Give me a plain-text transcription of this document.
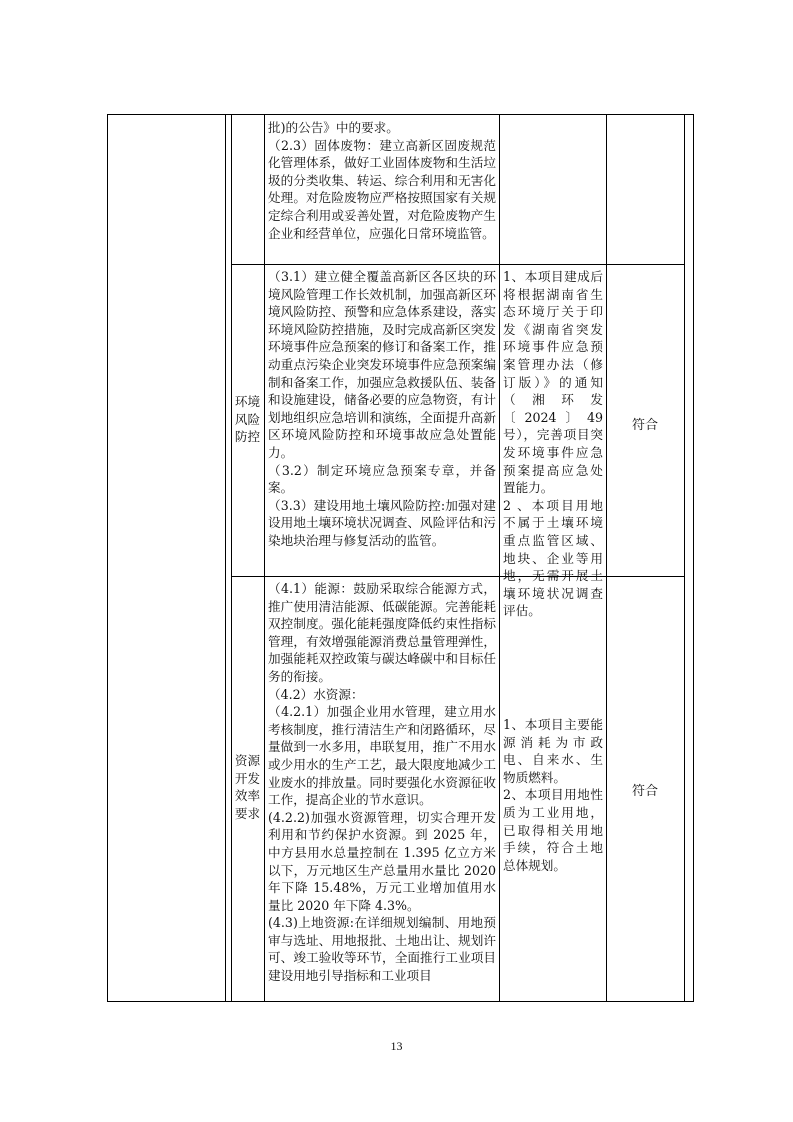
批)的公告》中的要求。

（2.3）固体废物：建立高新区固废规范化管理体系，做好工业固体废物和生活垃圾的分类收集、转运、综合利用和无害化处理。对危险废物应严格按照国家有关规定综合利用或妥善处置，对危险废物产生企业和经营单位，应强化日常环境监管。

环境风险防控

（3.1）建立健全覆盖高新区各区块的环境风险管理工作长效机制，加强高新区环境风险防控、预警和应急体系建设，落实环境风险防控措施，及时完成高新区突发环境事件应急预案的修订和备案工作，推动重点污染企业突发环境事件应急预案编制和备案工作，加强应急救援队伍、装备和设施建设，储备必要的应急物资，有计划地组织应急培训和演练，全面提升高新区环境风险防控和环境事故应急处置能力。

（3.2）制定环境应急预案专章，并备案。

（3.3）建设用地土壤风险防控:加强对建设用地土壤环境状况调查、风险评估和污染地块治理与修复活动的监管。

1、本项目建成后将根据湖南省生态环境厅关于印发《湖南省突发环境事件应急预案管理办法（修订版）》的通知（湘环发〔2024〕49号），完善项目突发环境事件应急预案提高应急处置能力。

2 、本项目用地不属于土壤环境重点监管区域、地块、企业等用地，无需开展土壤环境状况调查评估。

符合
资源开发效率要求

（4.1）能源：鼓励采取综合能源方式，推广使用清洁能源、低碳能源。完善能耗双控制度。强化能耗强度降低约束性指标管理，有效增强能源消费总量管理弹性，加强能耗双控政策与碳达峰碳中和目标任务的衔接。

（4.2）水资源：

（4.2.1）加强企业用水管理，建立用水考核制度，推行清洁生产和闭路循环，尽量做到一水多用，串联复用，推广不用水或少用水的生产工艺，最大限度地减少工业废水的排放量。同时要强化水资源征收工作，提高企业的节水意识。

(4.2.2)加强水资源管理，切实合理开发利用和节约保护水资源。到 2025 年，中方县用水总量控制在 1.395 亿立方米以下，万元地区生产总量用水量比 2020 年下降 15.48%，万元工业增加值用水量比 2020 年下降 4.3%。

(4.3)上地资源:在详细规划编制、用地预审与选址、用地报批、土地出让、规划许可、竣工验收等环节，全面推行工业项目建设用地引导指标和工业项目

1、本项目主要能源消耗为市政电、自来水、生物质燃料。

2、本项目用地性质为工业用地，已取得相关用地手续，符合土地总体规划。

符合
13
